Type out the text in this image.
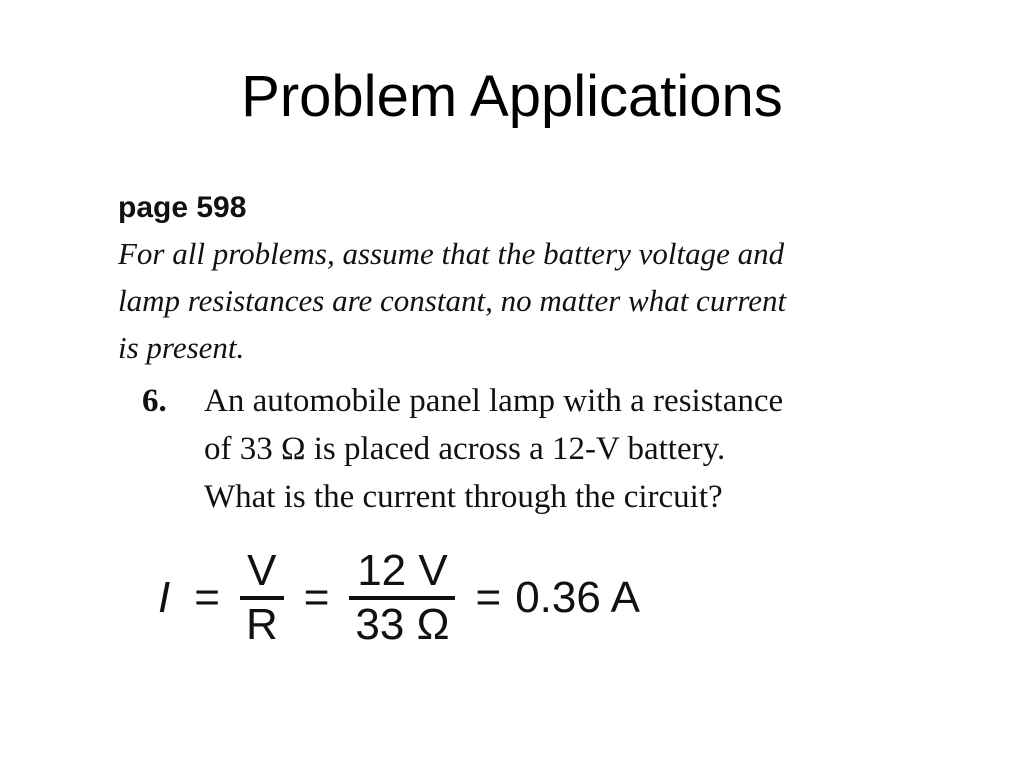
Problem Applications
page 598
For all problems, assume that the battery voltage and
lamp resistances are constant, no matter what current
is present.
6. An automobile panel lamp with a resistance
of 33 Ω is placed across a 12-V battery.
What is the current through the circuit?
$I = \frac{V}{R} = \frac{12 V}{33 \Omega} = 0.36$ A
